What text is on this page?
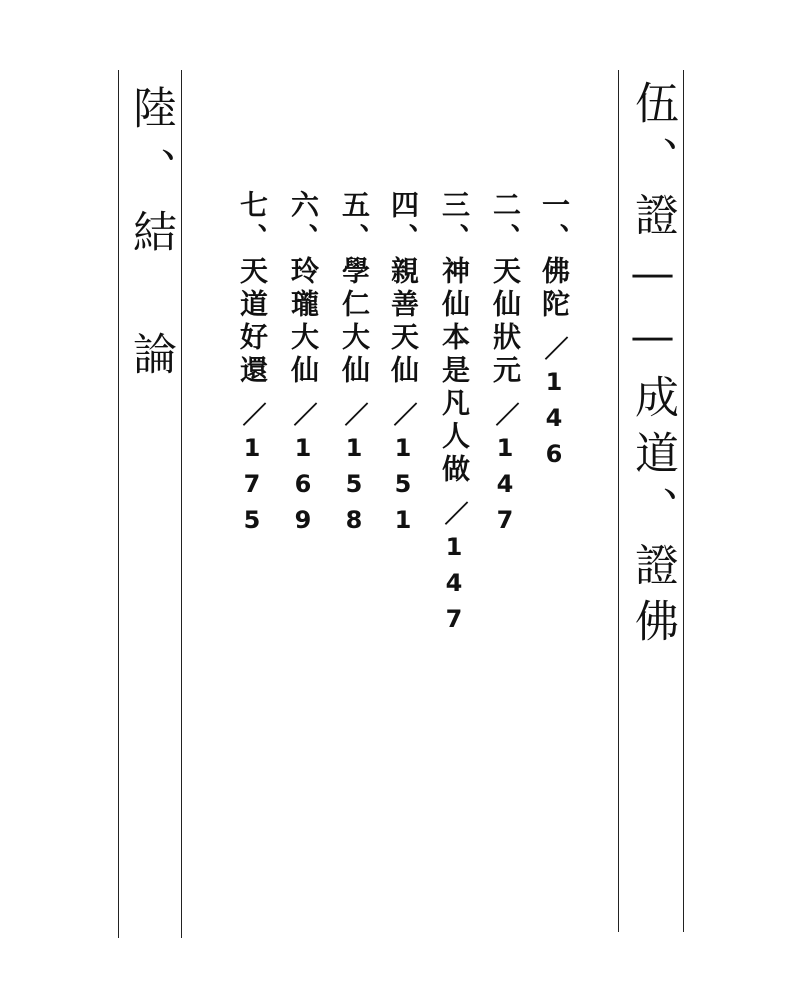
伍、證——成道、證佛
陸、結論
一、佛陀／146
二、天仙狀元／147
三、神仙本是凡人做／147
四、親善天仙／151
五、學仁大仙／158
六、玲瓏大仙／169
七、天道好還／175
